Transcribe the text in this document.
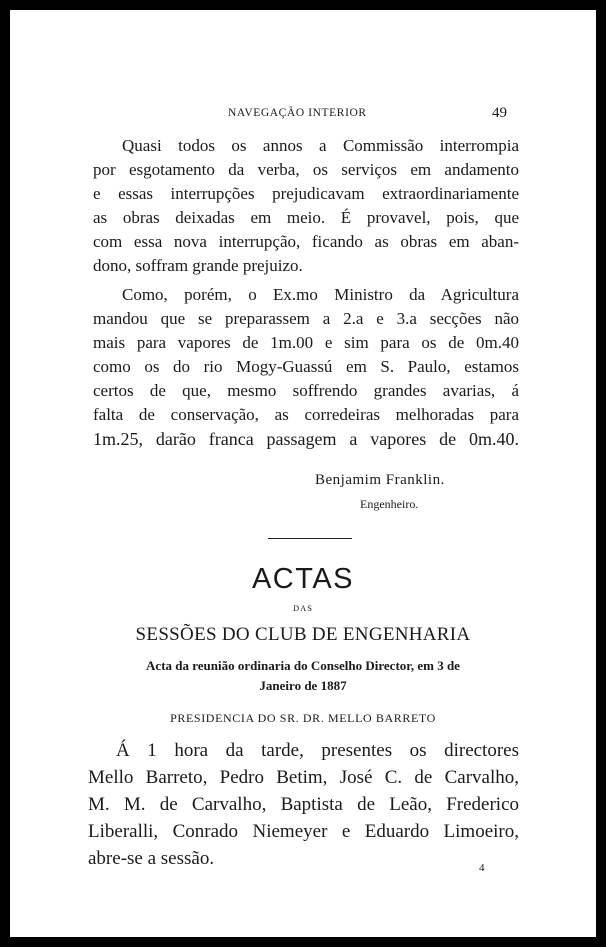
NAVEGAÇÃO INTERIOR	49
Quasi todos os annos a Commissão interrompia
por esgotamento da verba, os serviços em andamento
e essas interrupções prejudicavam extraordinariamente
as obras deixadas em meio. É provavel, pois, que
com essa nova interrupção, ficando as obras em aban-
dono, soffram grande prejuizo.
Como, porém, o Ex.mo Ministro da Agricultura
mandou que se preparassem a 2.a e 3.a secções não
mais para vapores de 1m.00 e sim para os de 0m.40
como os do rio Mogy-Guassú em S. Paulo, estamos
certos de que, mesmo soffrendo grandes avarias, á
falta de conservação, as corredeiras melhoradas para
1m.25, darão franca passagem a vapores de 0m.40.
Benjamim Franklin.
Engenheiro.
ACTAS
DAS
SESSÕES DO CLUB DE ENGENHARIA
Acta da reunião ordinaria do Conselho Director, em 3 de
Janeiro de 1887
PRESIDENCIA DO SR. DR. MELLO BARRETO
Á 1 hora da tarde, presentes os directores
Mello Barreto, Pedro Betim, José C. de Carvalho,
M. M. de Carvalho, Baptista de Leão, Frederico
Liberalli, Conrado Niemeyer e Eduardo Limoeiro,
abre-se a sessão.	4
